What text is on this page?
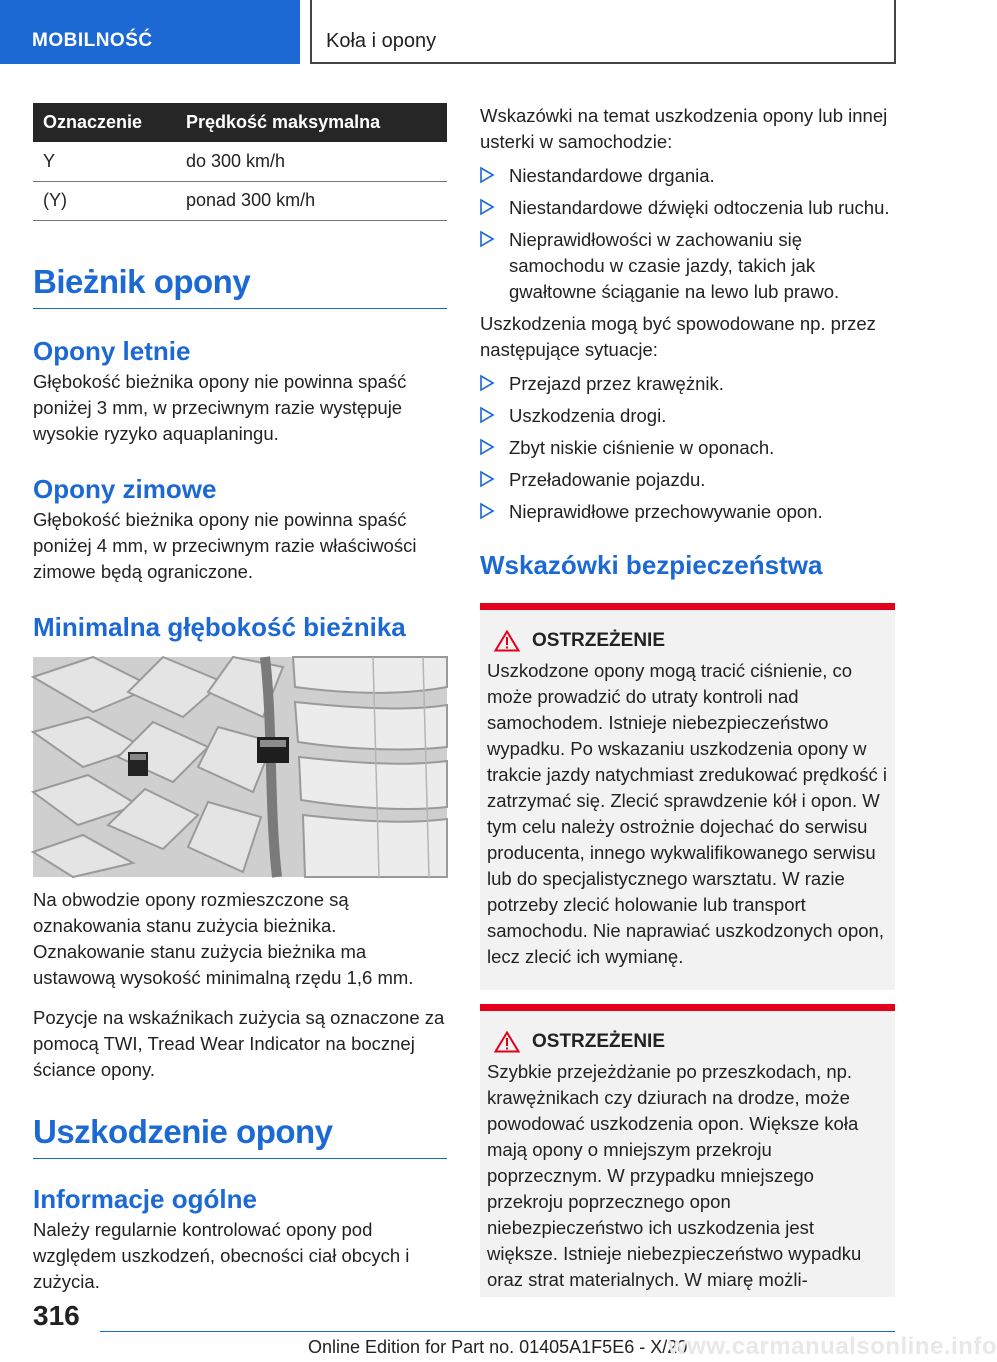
MOBILNOŚĆ	Koła i opony
Oznaczenie	Prędkość maksymalna
Y	do 300 km/h
(Y)	ponad 300 km/h
Bieżnik opony
Opony letnie

Głębokość bieżnika opony nie powinna spaść poniżej 3 mm, w przeciwnym razie występuje wysokie ryzyko aquaplaningu.

Opony zimowe

Głębokość bieżnika opony nie powinna spaść poniżej 4 mm, w przeciwnym razie właściwości zimowe będą ograniczone.

Minimalna głębokość bieżnika

Na obwodzie opony rozmieszczone są oznakowania stanu zużycia bieżnika. Oznakowanie stanu zużycia bieżnika ma ustawową wysokość minimalną rzędu 1,6 mm.

Pozycje na wskaźnikach zużycia są oznaczone za pomocą TWI, Tread Wear Indicator na bocznej ściance opony.

Uszkodzenie opony
Informacje ogólne

Należy regularnie kontrolować opony pod względem uszkodzeń, obecności ciał obcych i zużycia.

Wskazówki na temat uszkodzenia opony lub innej usterki w samochodzie:

Niestandardowe drgania.
Niestandardowe dźwięki odtoczenia lub ruchu.
Nieprawidłowości w zachowaniu się samochodu w czasie jazdy, takich jak gwałtowne ściąganie na lewo lub prawo.

Uszkodzenia mogą być spowodowane np. przez następujące sytuacje:

Przejazd przez krawężnik.
Uszkodzenia drogi.
Zbyt niskie ciśnienie w oponach.
Przeładowanie pojazdu.
Nieprawidłowe przechowywanie opon.
Wskazówki bezpieczeństwa
OSTRZEŻENIE

Uszkodzone opony mogą tracić ciśnienie, co może prowadzić do utraty kontroli nad samochodem. Istnieje niebezpieczeństwo wypadku. Po wskazaniu uszkodzenia opony w trakcie jazdy natychmiast zredukować prędkość i zatrzymać się. Zlecić sprawdzenie kół i opon. W tym celu należy ostrożnie dojechać do serwisu producenta, innego wykwalifikowanego serwisu lub do specjalistycznego warsztatu. W razie potrzeby zlecić holowanie lub transport samochodu. Nie naprawiać uszkodzonych opon, lecz zlecić ich wymianę.

OSTRZEŻENIE

Szybkie przejeżdżanie po przeszkodach, np. krawężnikach czy dziurach na drodze, może powodować uszkodzenia opon. Większe koła mają opony o mniejszym przekroju poprzecznym. W przypadku mniejszego przekroju poprzecznego opon niebezpieczeństwo ich uszkodzenia jest większe. Istnieje niebezpieczeństwo wypadku oraz strat materialnych. W miarę możli-

316
Online Edition for Part no. 01405A1F5E6 - X/20
www.carmanualsonline.info
